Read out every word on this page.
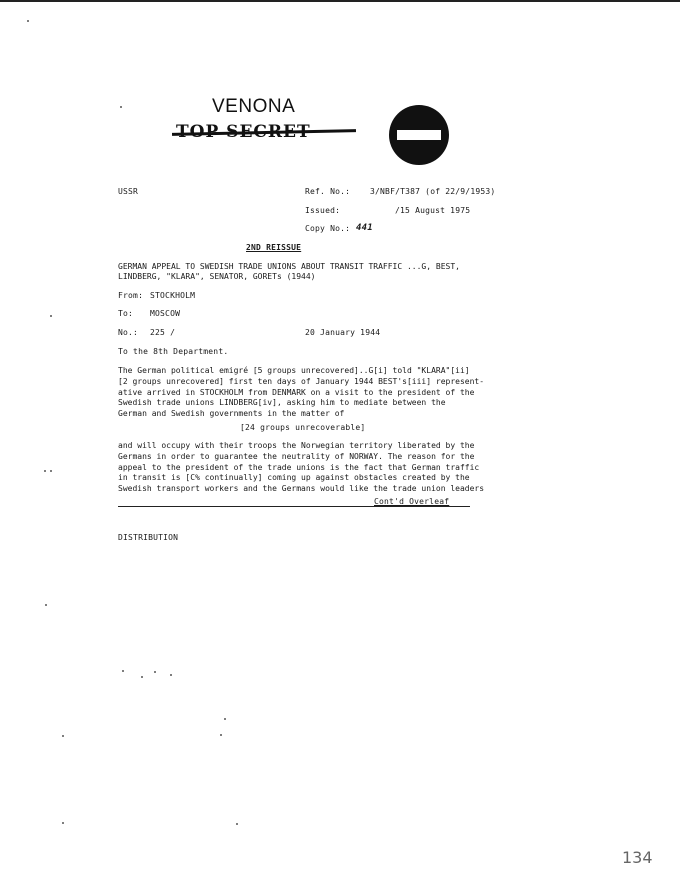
VENONA
USSR	Ref. No.: 3/NBF/T387 (of 22/9/1953)
Issued:	/15 August 1975
Copy No.: 441
2ND REISSUE
GERMAN APPEAL TO SWEDISH TRADE UNIONS ABOUT TRANSIT TRAFFIC ...G, BEST,
LINDBERG, "KLARA", SENATOR, GORETs (1944)
From: STOCKHOLM
To: MOSCOW
No.: 225 /	20 January 1944
To the 8th Department.
The German political emigré [5 groups unrecovered]..G[i] told "KLARA"[ii]
[2 groups unrecovered] first ten days of January 1944 BEST's[iii] represent-
ative arrived in STOCKHOLM from DENMARK on a visit to the president of the
Swedish trade unions LINDBERG[iv], asking him to mediate between the
German and Swedish governments in the matter of
[24 groups unrecoverable]
and will occupy with their troops the Norwegian territory liberated by the
Germans in order to guarantee the neutrality of NORWAY. The reason for the
appeal to the president of the trade unions is the fact that German traffic
in transit is [C% continually] coming up against obstacles created by the
Swedish transport workers and the Germans would like the trade union leaders
Cont'd Overleaf
DISTRIBUTION
134
